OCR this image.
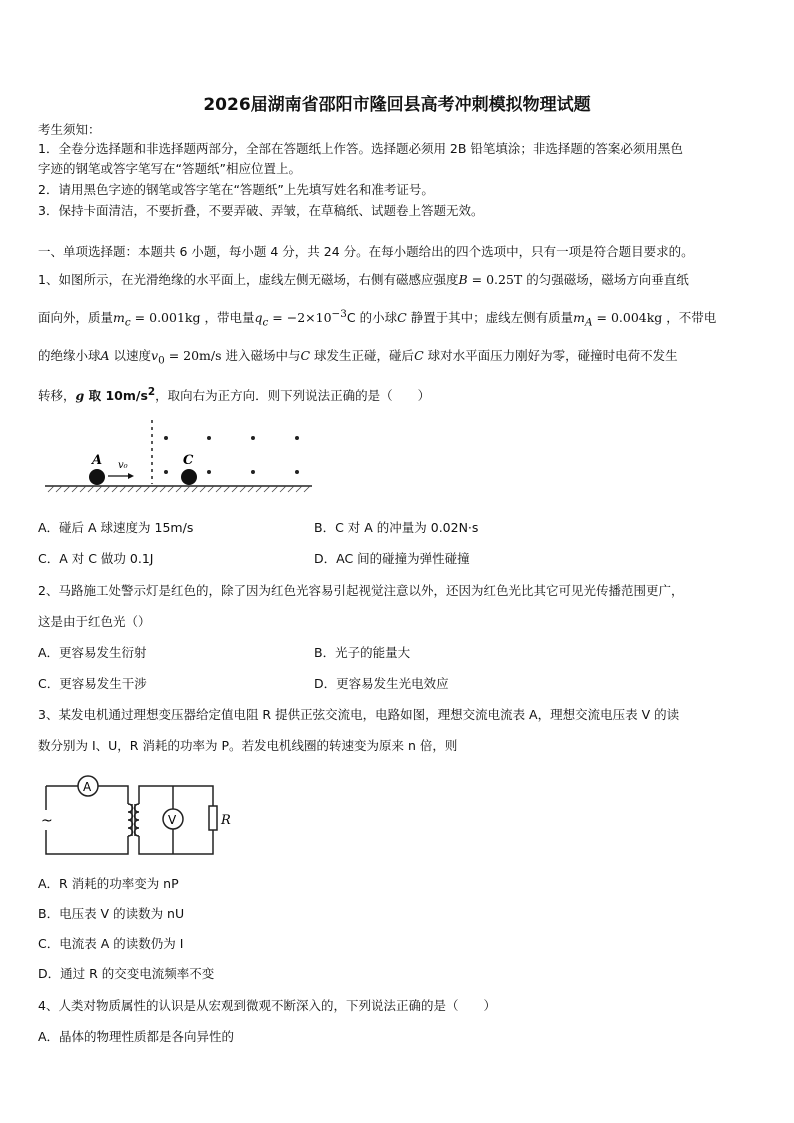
2026届湖南省邵阳市隆回县高考冲刺模拟物理试题
考生须知：
1．全卷分选择题和非选择题两部分，全部在答题纸上作答。选择题必须用 2B 铅笔填涂；非选择题的答案必须用黑色
字迹的钢笔或答字笔写在“答题纸”相应位置上。
2．请用黑色字迹的钢笔或答字笔在“答题纸”上先填写姓名和准考证号。
3．保持卡面清洁，不要折叠，不要弄破、弄皱，在草稿纸、试题卷上答题无效。
一、单项选择题：本题共 6 小题，每小题 4 分，共 24 分。在每小题给出的四个选项中，只有一项是符合题目要求的。
1、如图所示，在光滑绝缘的水平面上，虚线左侧无磁场，右侧有磁感应强度B = 0.25T 的匀强磁场，磁场方向垂直纸
面向外，质量$m_c = 0.001kg$ ，带电量$q_c = -2\times 10^{-3}C$ 的小球C 静置于其中；虚线左侧有质量$m_A = 0.004kg$ ，不带电
的绝缘小球A 以速度$v_0 = 20m/s$ 进入磁场中与C 球发生正碰，碰后C 球对水平面压力刚好为零，碰撞时电荷不发生
转移，g 取 $10m/s^2$，取向右为正方向．则下列说法正确的是（　　）
A	C
v₀
A．碰后 A 球速度为 15m/s	B．C 对 A 的冲量为 0.02N·s
C．A 对 C 做功 0.1J	D．AC 间的碰撞为弹性碰撞
2、马路施工处警示灯是红色的，除了因为红色光容易引起视觉注意以外，还因为红色光比其它可见光传播范围更广，
这是由于红色光（）
A．更容易发生衍射	B．光子的能量大
C．更容易发生干涉	D．更容易发生光电效应
3、某发电机通过理想变压器给定值电阻 R 提供正弦交流电，电路如图，理想交流电流表 A，理想交流电压表 V 的读
数分别为 I、U，R 消耗的功率为 P。若发电机线圈的转速变为原来 n 倍，则
~
A
V	R
A．R 消耗的功率变为 nP
B．电压表 V 的读数为 nU
C．电流表 A 的读数仍为 I
D．通过 R 的交变电流频率不变
4、人类对物质属性的认识是从宏观到微观不断深入的，下列说法正确的是（　　）
A．晶体的物理性质都是各向异性的
